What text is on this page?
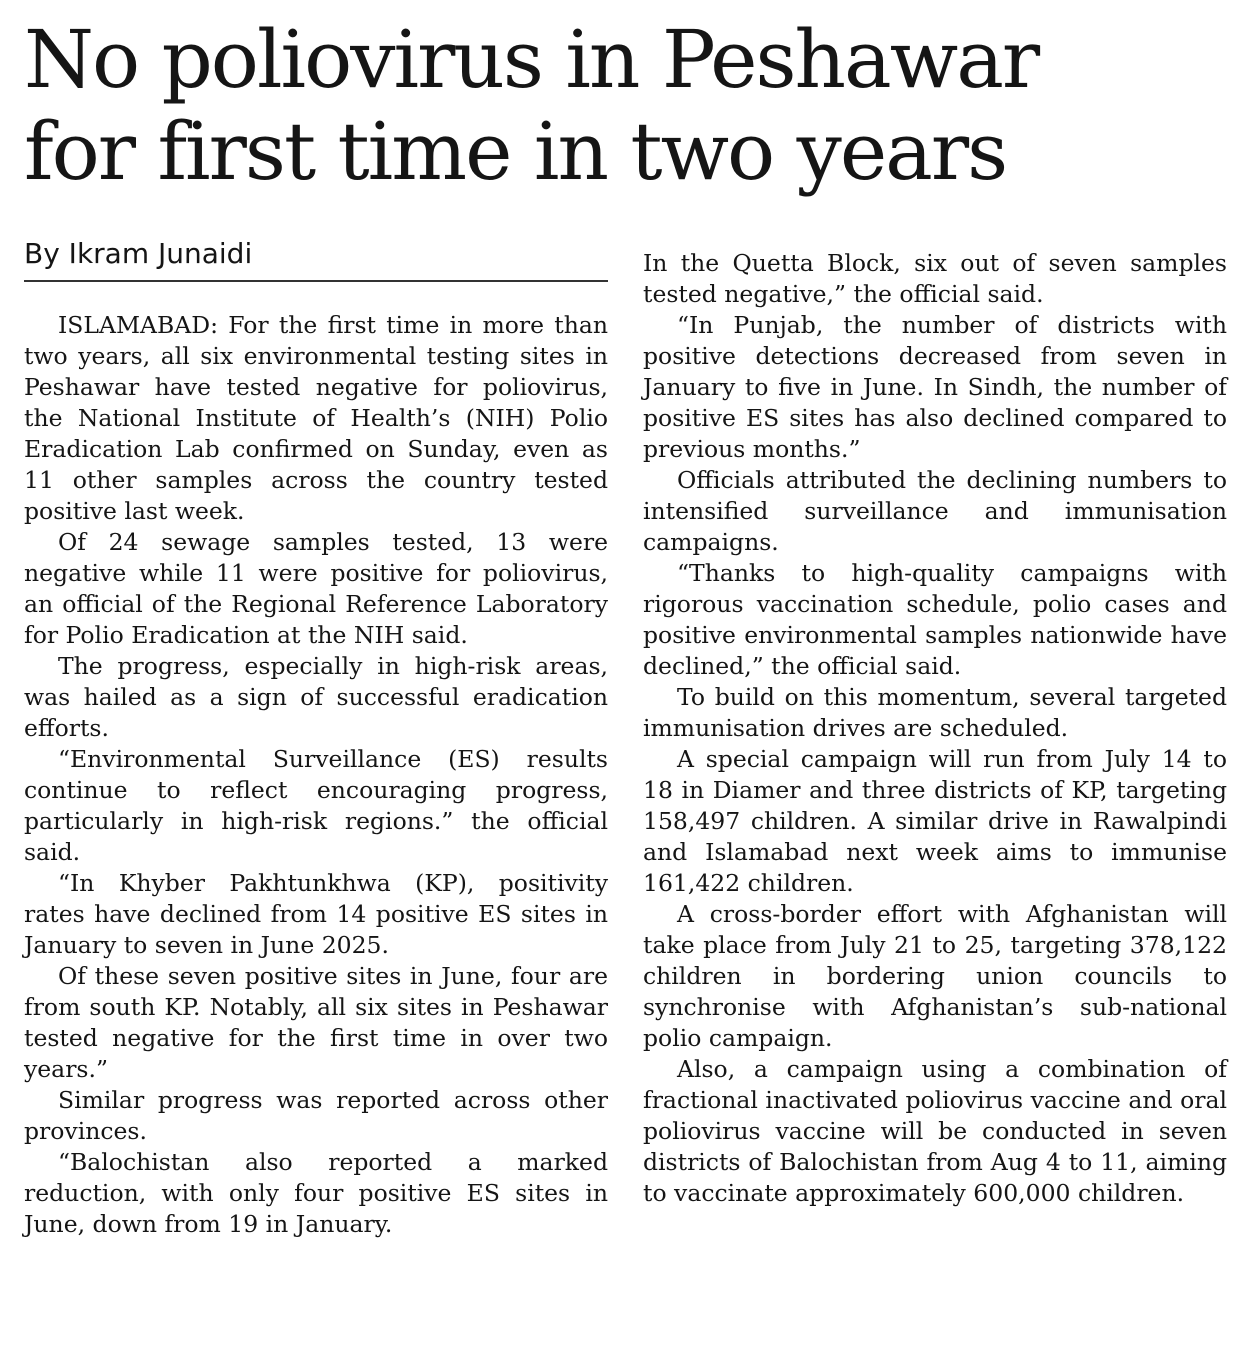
No poliovirus in Peshawar
for first time in two years
By Ikram Junaidi

ISLAMABAD: For the first time in more than two years, all six environmental testing sites in Peshawar have tested negative for poliovirus, the National Institute of Health’s (NIH) Polio Eradication Lab confirmed on Sunday, even as 11 other samples across the country tested positive last week.

Of 24 sewage samples tested, 13 were negative while 11 were positive for poliovirus, an official of the Regional Reference Laboratory for Polio Eradication at the NIH said.

The progress, especially in high-risk areas, was hailed as a sign of successful eradication efforts.

“Environmental Surveillance (ES) results continue to reflect encouraging progress, particularly in high-risk regions.” the official said.

“In Khyber Pakhtunkhwa (KP), positivity rates have declined from 14 positive ES sites in January to seven in June 2025.

Of these seven positive sites in June, four are from south KP. Notably, all six sites in Peshawar tested negative for the first time in over two years.”

Similar progress was reported across other provinces.

“Balochistan also reported a marked reduction, with only four positive ES sites in June, down from 19 in January.

In the Quetta Block, six out of seven samples tested negative,” the official said.

“In Punjab, the number of districts with positive detections decreased from seven in January to five in June. In Sindh, the number of positive ES sites has also declined compared to previous months.”

Officials attributed the declining numbers to intensified surveillance and immunisation campaigns.

“Thanks to high-quality campaigns with rigorous vaccination schedule, polio cases and positive environmental samples nationwide have declined,” the official said.

To build on this momentum, several targeted immunisation drives are scheduled.

A special campaign will run from July 14 to 18 in Diamer and three districts of KP, targeting 158,497 children. A similar drive in Rawalpindi and Islamabad next week aims to immunise 161,422 children.

A cross-border effort with Afghanistan will take place from July 21 to 25, targeting 378,122 children in bordering union councils to synchronise with Afghanistan’s sub-national polio campaign.

Also, a campaign using a combination of fractional inactivated poliovirus vaccine and oral poliovirus vaccine will be conducted in seven districts of Balochistan from Aug 4 to 11, aiming to vaccinate approximately 600,000 children.
